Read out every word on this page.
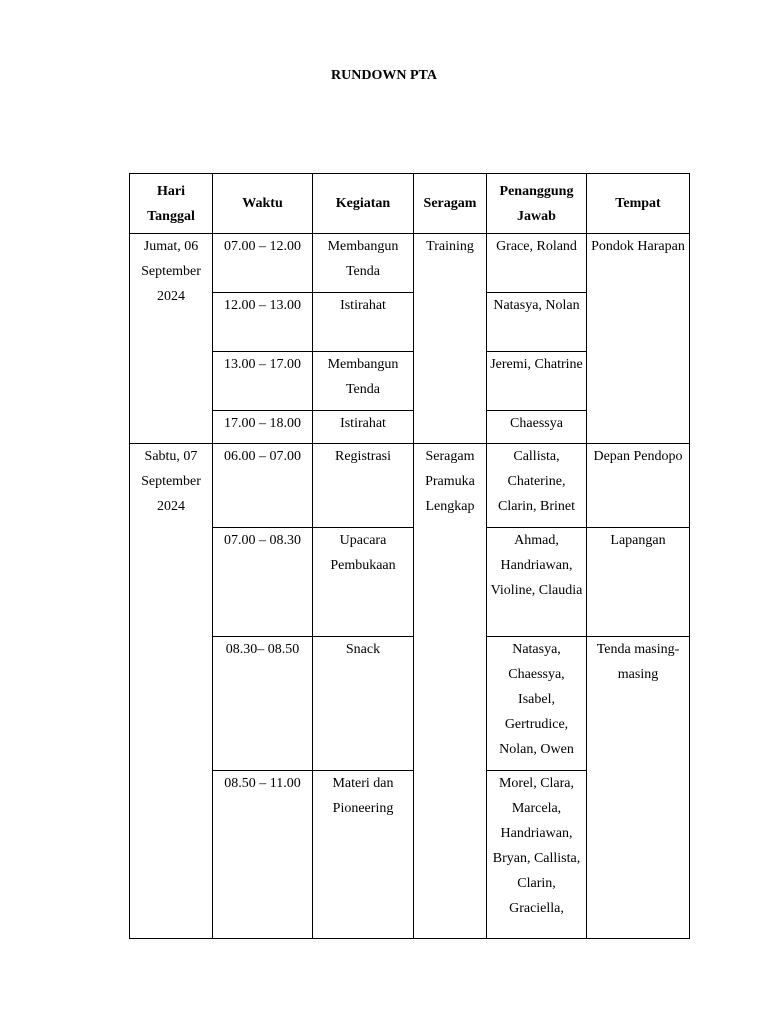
RUNDOWN PTA
Hari Tanggal	Waktu	Kegiatan	Seragam	Penanggung Jawab	Tempat
Jumat, 06 September 2024	07.00 – 12.00	Membangun Tenda	Training	Grace, Roland	Pondok Harapan
	12.00 – 13.00	Istirahat		Natasya, Nolan	
	13.00 – 17.00	Membangun Tenda		Jeremi, Chatrine	
	17.00 – 18.00	Istirahat		Chaessya	
Sabtu, 07 September 2024	06.00 – 07.00	Registrasi	Seragam Pramuka Lengkap	Callista, Chaterine, Clarin, Brinet	Depan Pendopo
	07.00 – 08.30	Upacara Pembukaan		Ahmad, Handriawan, Violine, Claudia	Lapangan
	08.30– 08.50	Snack		Natasya, Chaessya, Isabel, Gertrudice, Nolan, Owen	Tenda masing-masing
	08.50 – 11.00	Materi dan Pioneering		Morel, Clara, Marcela, Handriawan, Bryan, Callista, Clarin, Graciella,	
